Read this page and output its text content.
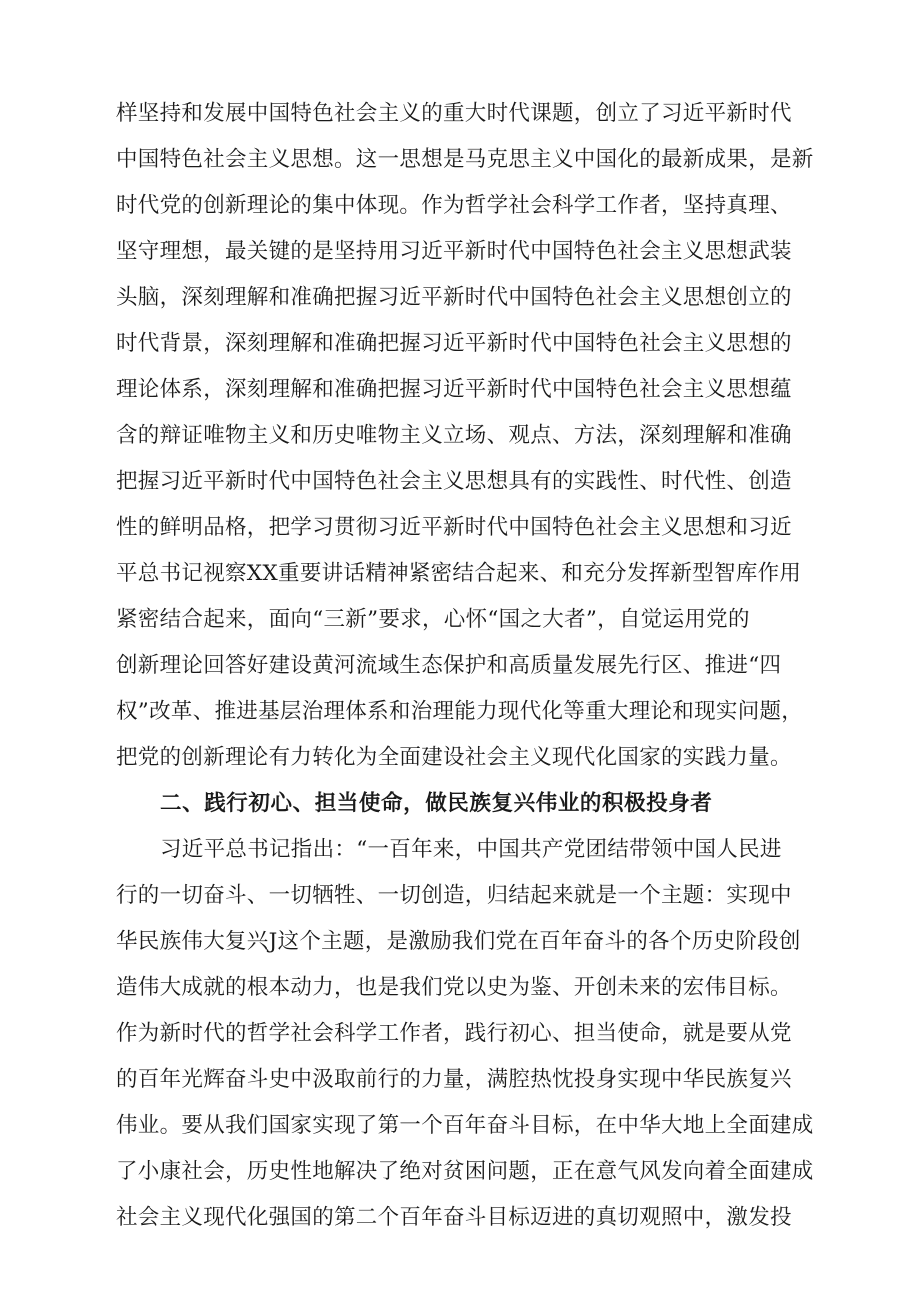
样坚持和发展中国特色社会主义的重大时代课题，创立了习近平新时代
中国特色社会主义思想。这一思想是马克思主义中国化的最新成果，是新
时代党的创新理论的集中体现。作为哲学社会科学工作者，坚持真理、
坚守理想，最关键的是坚持用习近平新时代中国特色社会主义思想武装
头脑，深刻理解和准确把握习近平新时代中国特色社会主义思想创立的
时代背景，深刻理解和准确把握习近平新时代中国特色社会主义思想的
理论体系，深刻理解和准确把握习近平新时代中国特色社会主义思想蕴
含的辩证唯物主义和历史唯物主义立场、观点、方法，深刻理解和准确
把握习近平新时代中国特色社会主义思想具有的实践性、时代性、创造
性的鲜明品格，把学习贯彻习近平新时代中国特色社会主义思想和习近
平总书记视察XX重要讲话精神紧密结合起来、和充分发挥新型智库作用
紧密结合起来，面向“三新”要求，心怀“国之大者”，自觉运用党的
创新理论回答好建设黄河流域生态保护和高质量发展先行区、推进“四
权”改革、推进基层治理体系和治理能力现代化等重大理论和现实问题，
把党的创新理论有力转化为全面建设社会主义现代化国家的实践力量。
二、践行初心、担当使命，做民族复兴伟业的积极投身者
习近平总书记指出：“一百年来，中国共产党团结带领中国人民进
行的一切奋斗、一切牺牲、一切创造，归结起来就是一个主题：实现中
华民族伟大复兴J这个主题，是激励我们党在百年奋斗的各个历史阶段创
造伟大成就的根本动力，也是我们党以史为鉴、开创未来的宏伟目标。
作为新时代的哲学社会科学工作者，践行初心、担当使命，就是要从党
的百年光辉奋斗史中汲取前行的力量，满腔热忱投身实现中华民族复兴
伟业。要从我们国家实现了第一个百年奋斗目标，在中华大地上全面建成
了小康社会，历史性地解决了绝对贫困问题，正在意气风发向着全面建成
社会主义现代化强国的第二个百年奋斗目标迈进的真切观照中，激发投
